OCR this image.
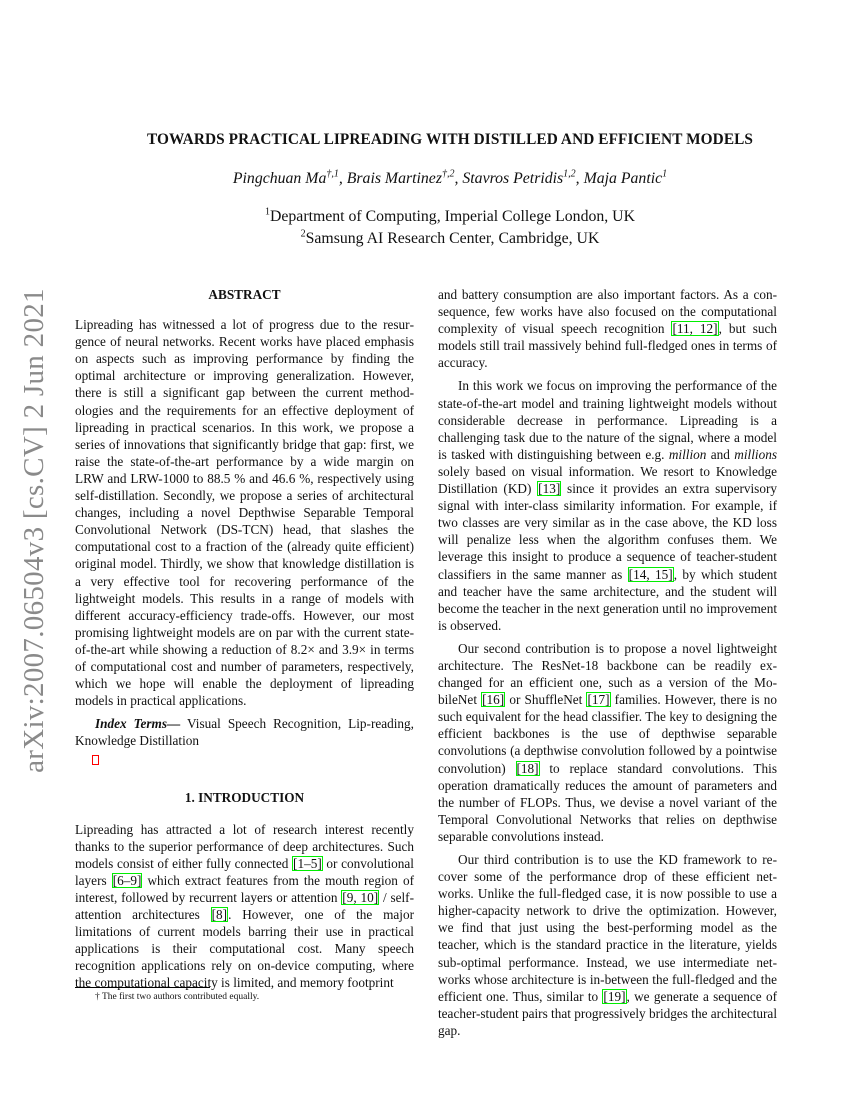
arXiv:2007.06504v3 [cs.CV] 2 Jun 2021
TOWARDS PRACTICAL LIPREADING WITH DISTILLED AND EFFICIENT MODELS
Pingchuan $Ma^{\dagger,1}$, Brais Martinez$^{\dagger,2}$, Stavros Petridis$^{1,2}$, Maja Pantic$^1$
$^1$Department of Computing, Imperial College London, UK
$^2$Samsung AI Research Center, Cambridge, UK
ABSTRACT

Lipreading has witnessed a lot of progress due to the resurgence of neural networks. Recent works have placed emphasis on aspects such as improving performance by finding the optimal architecture or improving generalization. However, there is still a significant gap between the current methodologies and the requirements for an effective deployment of lipreading in practical scenarios. In this work, we propose a series of innovations that significantly bridge that gap: first, we raise the state-of-the-art performance by a wide margin on LRW and LRW-1000 to 88.5 % and 46.6 %, respectively using self-distillation. Secondly, we propose a series of architectural changes, including a novel Depthwise Separable Temporal Convolutional Network (DS-TCN) head, that slashes the computational cost to a fraction of the (already quite efficient) original model. Thirdly, we show that knowledge distillation is a very effective tool for recovering performance of the lightweight models. This results in a range of models with different accuracy-efficiency trade-offs. However, our most promising lightweight models are on par with the current state-of-the-art while showing a reduction of 8.2× and 3.9× in terms of computational cost and number of parameters, respectively, which we hope will enable the deployment of lipreading models in practical applications.

Index Terms— Visual Speech Recognition, Lip-reading, Knowledge Distillation

1. INTRODUCTION

Lipreading has attracted a lot of research interest recently thanks to the superior performance of deep architectures. Such models consist of either fully connected [1–5] or convolutional layers [6–9] which extract features from the mouth region of interest, followed by recurrent layers or attention [9, 10] / self-attention architectures [8]. However, one of the major limitations of current models barring their use in practical applications is their computational cost. Many speech recognition applications rely on on-device computing, where the computational capacity is limited, and memory footprint

and battery consumption are also important factors. As a consequence, few works have also focused on the computational complexity of visual speech recognition [11, 12], but such models still trail massively behind full-fledged ones in terms of accuracy.

In this work we focus on improving the performance of the state-of-the-art model and training lightweight models without considerable decrease in performance. Lipreading is a challenging task due to the nature of the signal, where a model is tasked with distinguishing between e.g. million and millions solely based on visual information. We resort to Knowledge Distillation (KD) [13] since it provides an extra supervisory signal with inter-class similarity information. For example, if two classes are very similar as in the case above, the KD loss will penalize less when the algorithm confuses them. We leverage this insight to produce a sequence of teacher-student classifiers in the same manner as [14, 15], by which student and teacher have the same architecture, and the student will become the teacher in the next generation until no improvement is observed.

Our second contribution is to propose a novel lightweight architecture. The ResNet-18 backbone can be readily exchanged for an efficient one, such as a version of the MobileNet [16] or ShuffleNet [17] families. However, there is no such equivalent for the head classifier. The key to designing the efficient backbones is the use of depthwise separable convolutions (a depthwise convolution followed by a pointwise convolution) [18] to replace standard convolutions. This operation dramatically reduces the amount of parameters and the number of FLOPs. Thus, we devise a novel variant of the Temporal Convolutional Networks that relies on depthwise separable convolutions instead.

Our third contribution is to use the KD framework to recover some of the performance drop of these efficient networks. Unlike the full-fledged case, it is now possible to use a higher-capacity network to drive the optimization. However, we find that just using the best-performing model as the teacher, which is the standard practice in the literature, yields sub-optimal performance. Instead, we use intermediate networks whose architecture is in-between the full-fledged and the efficient one. Thus, similar to [19], we generate a sequence of teacher-student pairs that progressively bridges the architectural gap.

† The first two authors contributed equally.
